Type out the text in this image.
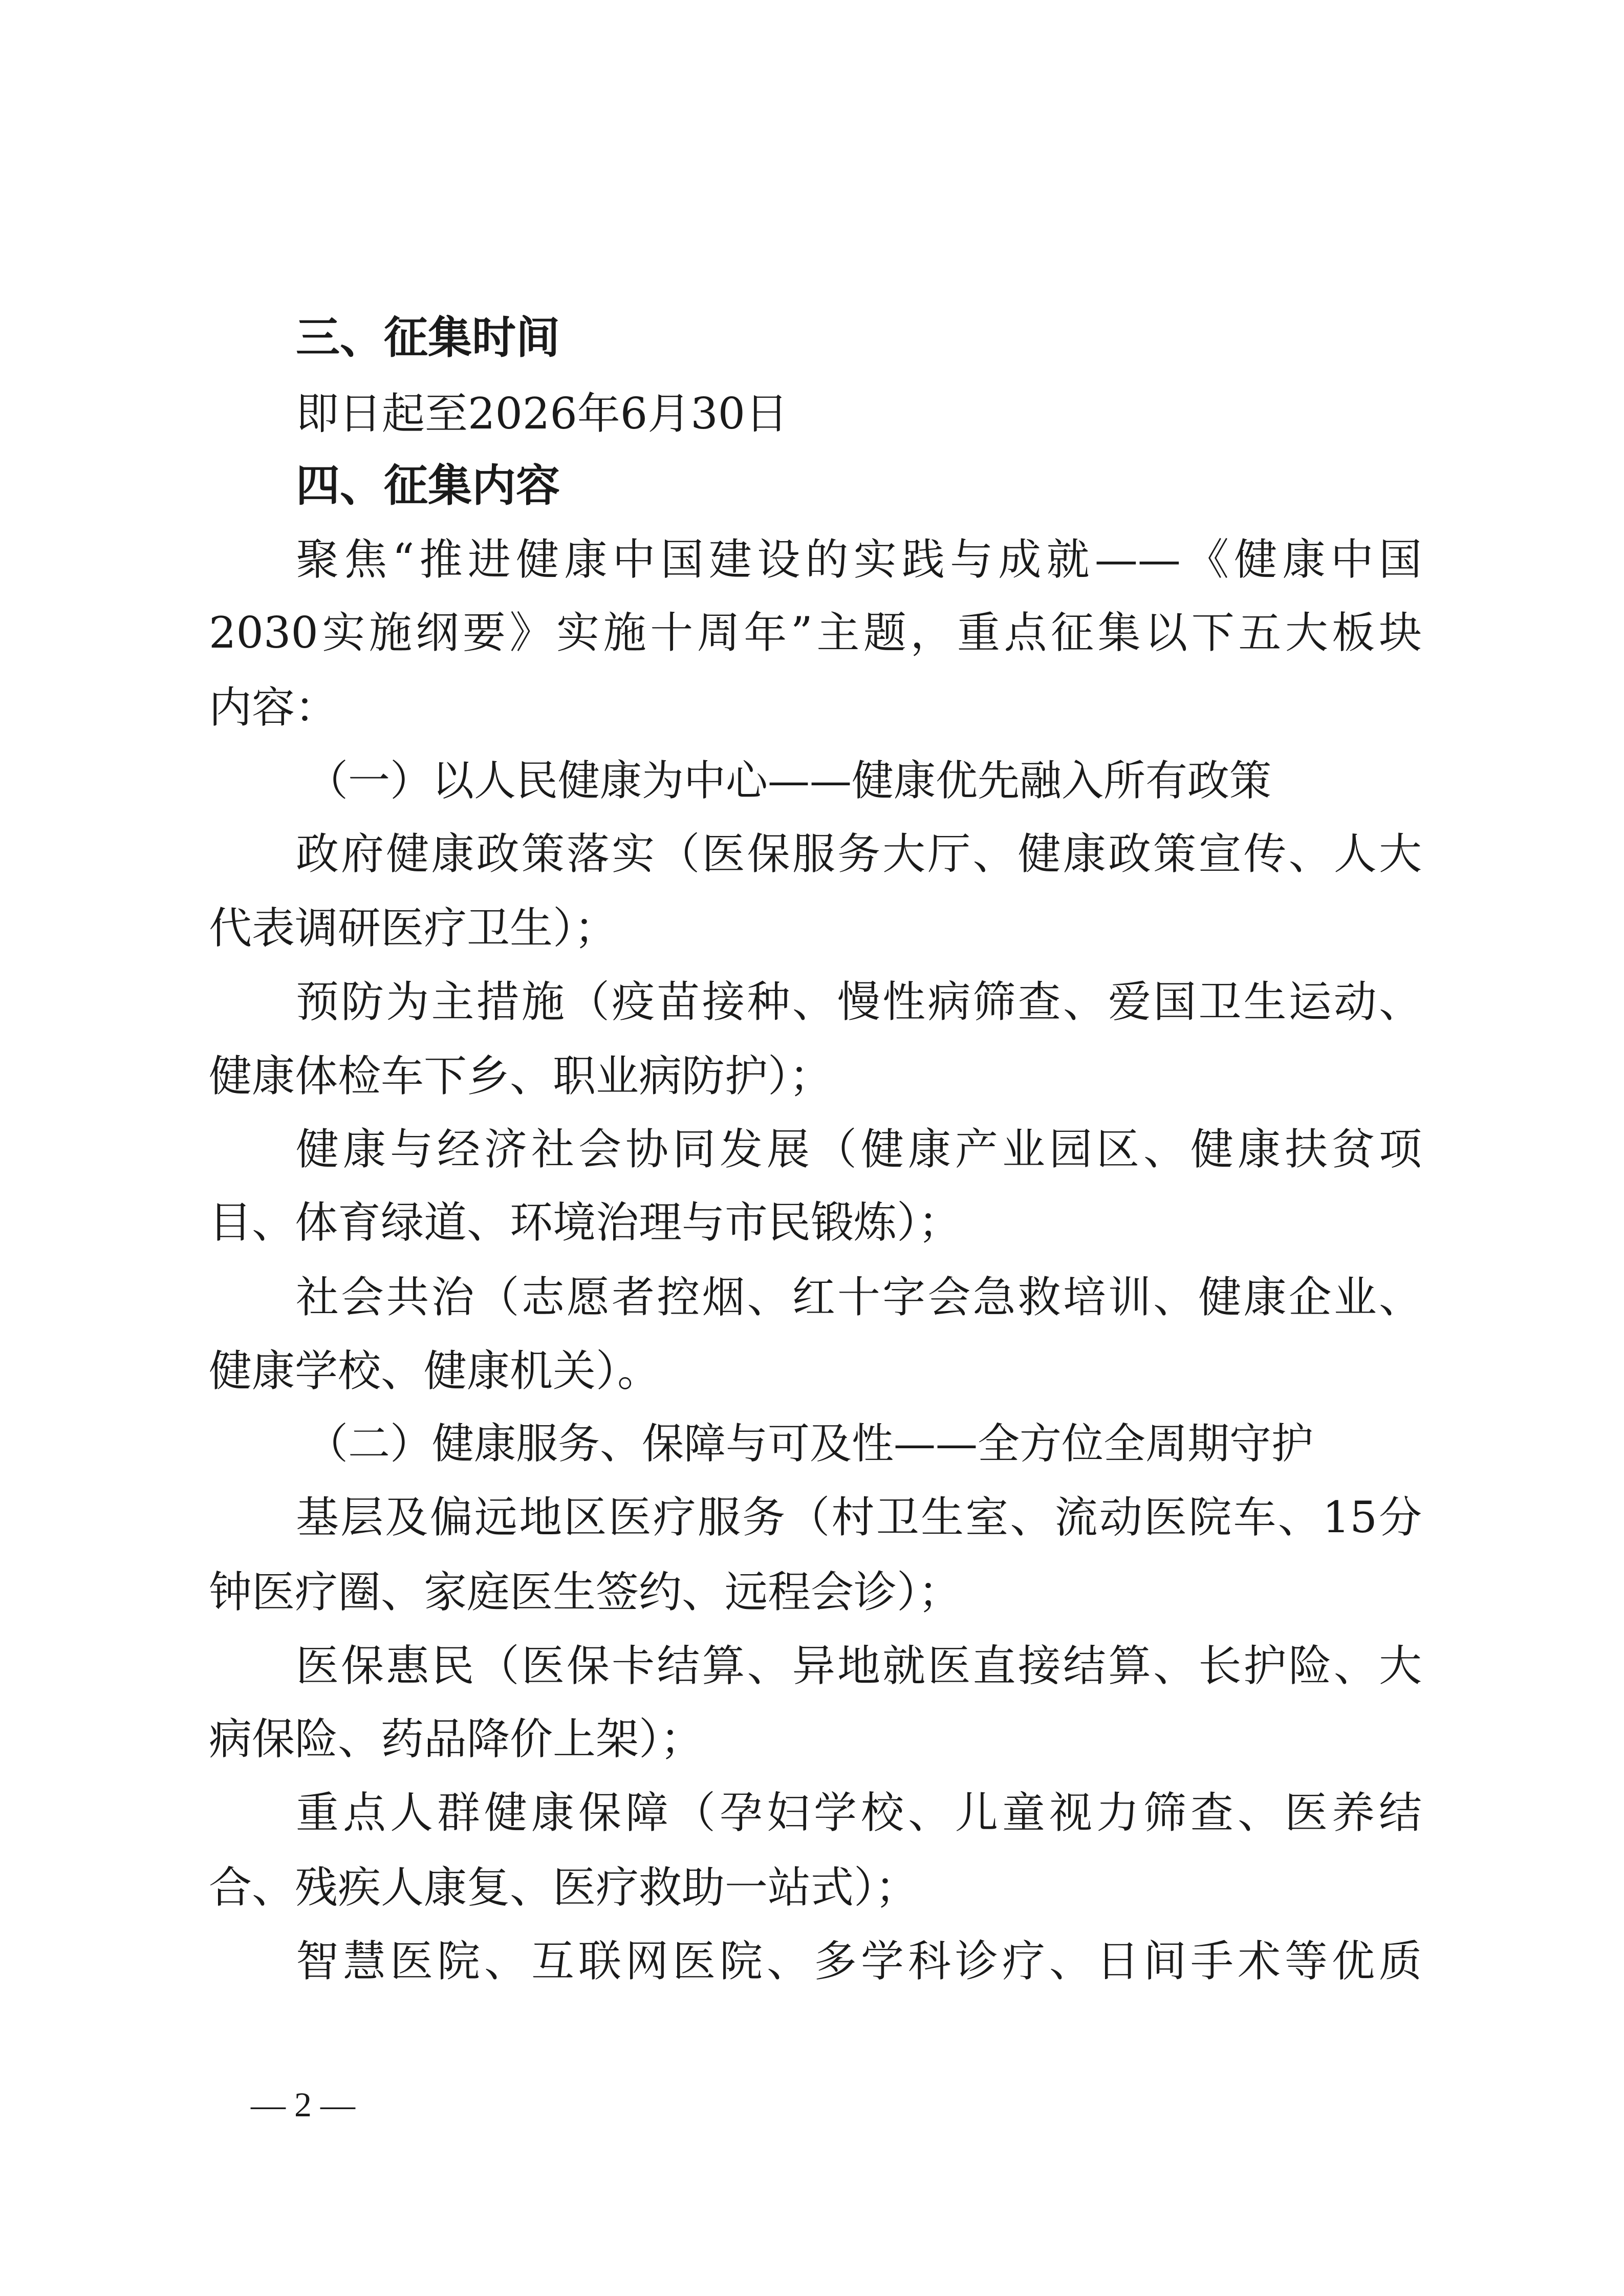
三、征集时间
即日起至2026年6月30日
四、征集内容
聚焦“推进健康中国建设的实践与成就——《健康中国
2030实施纲要》实施十周年”主题，重点征集以下五大板块
内容：
（一）以人民健康为中心——健康优先融入所有政策
政府健康政策落实（医保服务大厅、健康政策宣传、人大
代表调研医疗卫生）；
预防为主措施（疫苗接种、慢性病筛查、爱国卫生运动、
健康体检车下乡、职业病防护）；
健康与经济社会协同发展（健康产业园区、健康扶贫项
目、体育绿道、环境治理与市民锻炼）；
社会共治（志愿者控烟、红十字会急救培训、健康企业、
健康学校、健康机关）。
（二）健康服务、保障与可及性——全方位全周期守护
基层及偏远地区医疗服务（村卫生室、流动医院车、15分
钟医疗圈、家庭医生签约、远程会诊）；
医保惠民（医保卡结算、异地就医直接结算、长护险、大
病保险、药品降价上架）；
重点人群健康保障（孕妇学校、儿童视力筛查、医养结
合、残疾人康复、医疗救助一站式）；
智慧医院、互联网医院、多学科诊疗、日间手术等优质
— 2 —
